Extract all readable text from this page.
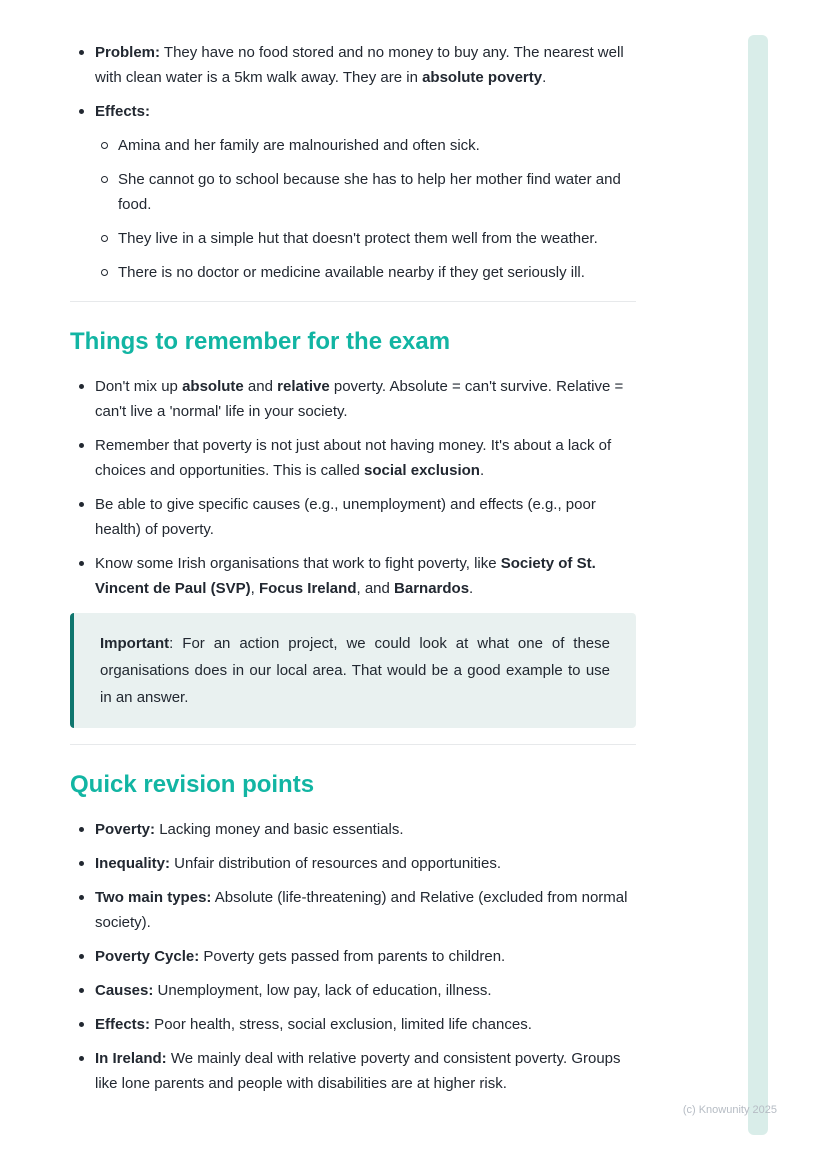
Problem: They have no food stored and no money to buy any. The nearest well with clean water is a 5km walk away. They are in absolute poverty.
Effects:
Amina and her family are malnourished and often sick.
She cannot go to school because she has to help her mother find water and food.
They live in a simple hut that doesn't protect them well from the weather.
There is no doctor or medicine available nearby if they get seriously ill.
Things to remember for the exam
Don't mix up absolute and relative poverty. Absolute = can't survive. Relative = can't live a 'normal' life in your society.
Remember that poverty is not just about not having money. It's about a lack of choices and opportunities. This is called social exclusion.
Be able to give specific causes (e.g., unemployment) and effects (e.g., poor health) of poverty.
Know some Irish organisations that work to fight poverty, like Society of St. Vincent de Paul (SVP), Focus Ireland, and Barnardos.

Important: For an action project, we could look at what one of these organisations does in our local area. That would be a good example to use in an answer.

Quick revision points
Poverty: Lacking money and basic essentials.
Inequality: Unfair distribution of resources and opportunities.
Two main types: Absolute (life-threatening) and Relative (excluded from normal society).
Poverty Cycle: Poverty gets passed from parents to children.
Causes: Unemployment, low pay, lack of education, illness.
Effects: Poor health, stress, social exclusion, limited life chances.
In Ireland: We mainly deal with relative poverty and consistent poverty. Groups like lone parents and people with disabilities are at higher risk.
(c) Knowunity 2025
